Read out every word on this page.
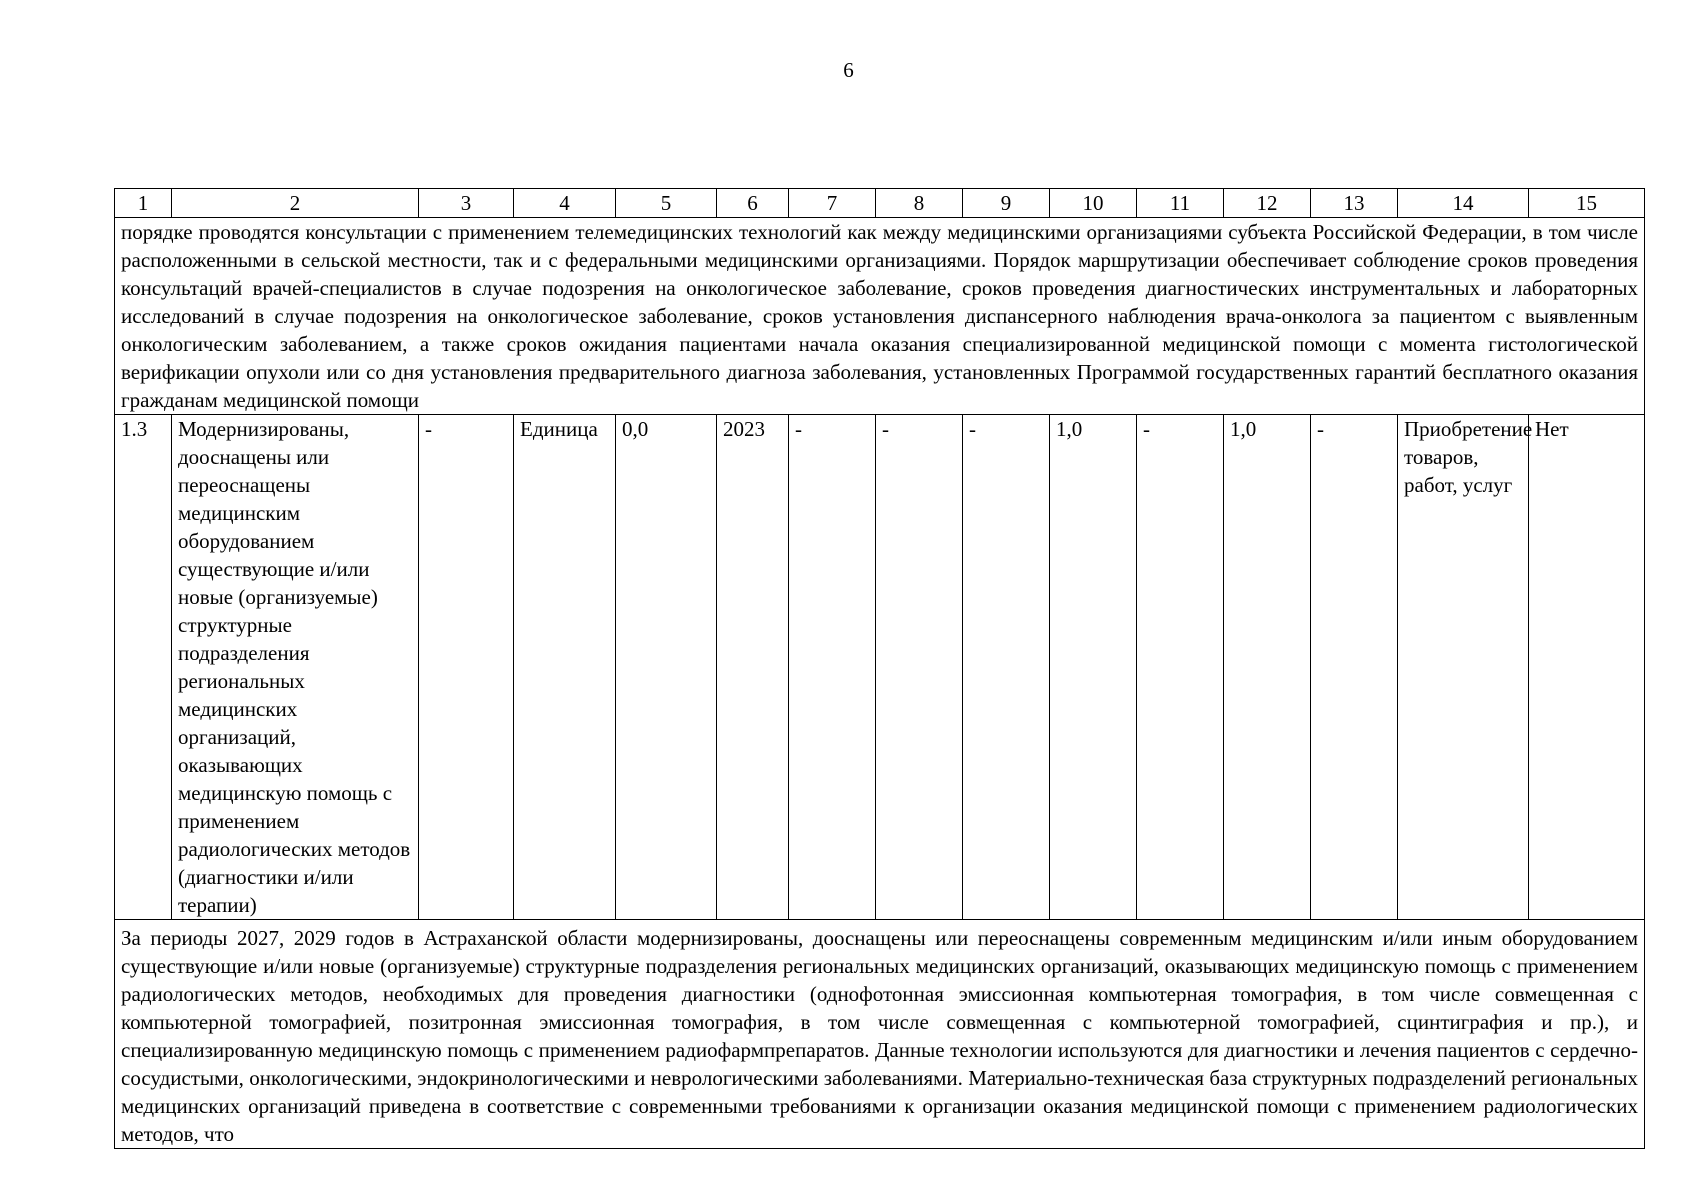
6
1	2	3	4	5	6	7	8	9	10	11	12	13	14	15
порядке проводятся консультации с применением телемедицинских технологий как между медицинскими организациями субъекта Российской Федерации, в том числе расположенными в сельской местности, так и с федеральными медицинскими организациями. Порядок маршрутизации обеспечивает соблюдение сроков проведения консультаций врачей-специалистов в случае подозрения на онкологическое заболевание, сроков проведения диагностических инструментальных и лабораторных исследований в случае подозрения на онкологическое заболевание, сроков установления диспансерного наблюдения врача-онколога за пациентом с выявленным онкологическим заболеванием, а также сроков ожидания пациентами начала оказания специализированной медицинской помощи с момента гистологической верификации опухоли или со дня установления предварительного диагноза заболевания, установленных Программой государственных гарантий бесплатного оказания гражданам медицинской помощи														
1.3	Модернизированы, дооснащены или переоснащены медицинским оборудованием существующие и/или новые (организуемые) структурные подразделения региональных медицинских организаций, оказывающих медицинскую помощь с применением радиологических методов (диагностики и/или терапии)	-	Единица	0,0	2023	-	-	-	1,0	-	1,0	-	Приобретение товаров, работ, услуг	Нет
За периоды 2027, 2029 годов в Астраханской области модернизированы, дооснащены или переоснащены современным медицинским и/или иным оборудованием существующие и/или новые (организуемые) структурные подразделения региональных медицинских организаций, оказывающих медицинскую помощь с применением радиологических методов, необходимых для проведения диагностики (однофотонная эмиссионная компьютерная томография, в том числе совмещенная с компьютерной томографией, позитронная эмиссионная томография, в том числе совмещенная с компьютерной томографией, сцинтиграфия и пр.), и специализированную медицинскую помощь с применением радиофармпрепаратов. Данные технологии используются для диагностики и лечения пациентов с сердечно-сосудистыми, онкологическими, эндокринологическими и неврологическими заболеваниями. Материально-техническая база структурных подразделений региональных медицинских организаций приведена в соответствие с современными требованиями к организации оказания медицинской помощи с применением радиологических методов, что														
